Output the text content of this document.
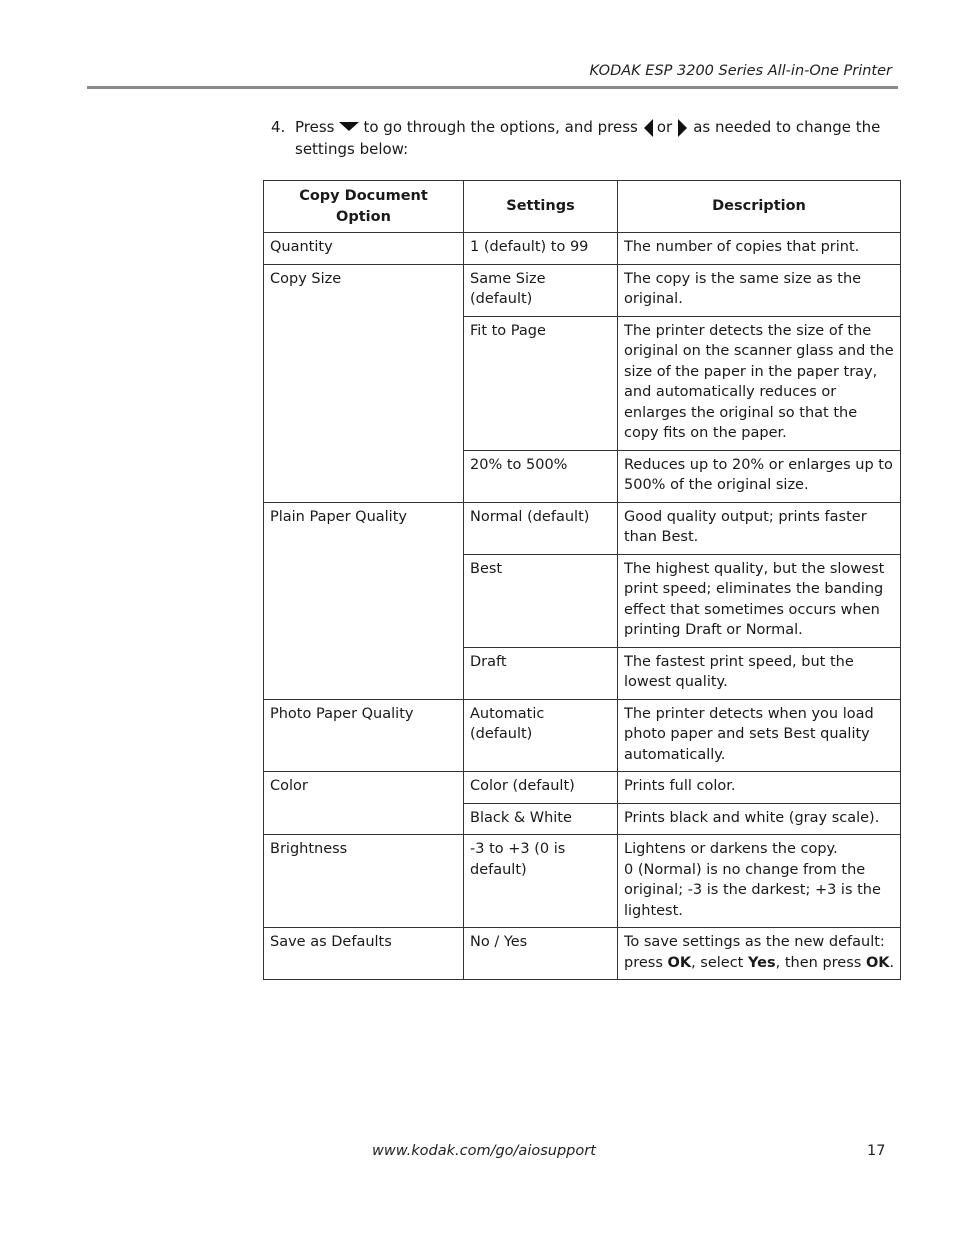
KODAK ESP 3200 Series All-in-One Printer
4. Press to go through the options, and press or as needed to change the settings below:
Copy Document Option	Settings	Description
Quantity	1 (default) to 99	The number of copies that print.
Copy Size	Same Size (default)	The copy is the same size as the original.
	Fit to Page	The printer detects the size of the original on the scanner glass and the size of the paper in the paper tray, and automatically reduces or enlarges the original so that the copy fits on the paper.
	20% to 500%	Reduces up to 20% or enlarges up to 500% of the original size.
Plain Paper Quality	Normal (default)	Good quality output; prints faster than Best.
	Best	The highest quality, but the slowest print speed; eliminates the banding effect that sometimes occurs when printing Draft or Normal.
	Draft	The fastest print speed, but the lowest quality.
Photo Paper Quality	Automatic (default)	The printer detects when you load photo paper and sets Best quality automatically.
Color	Color (default)	Prints full color.
	Black & White	Prints black and white (gray scale).
Brightness	-3 to +3 (0 is default)	Lightens or darkens the copy.
0 (Normal) is no change from the original; -3 is the darkest; +3 is the lightest.

Save as Defaults	No / Yes	To save settings as the new default: press OK, select Yes, then press OK.
www.kodak.com/go/aiosupport	17
